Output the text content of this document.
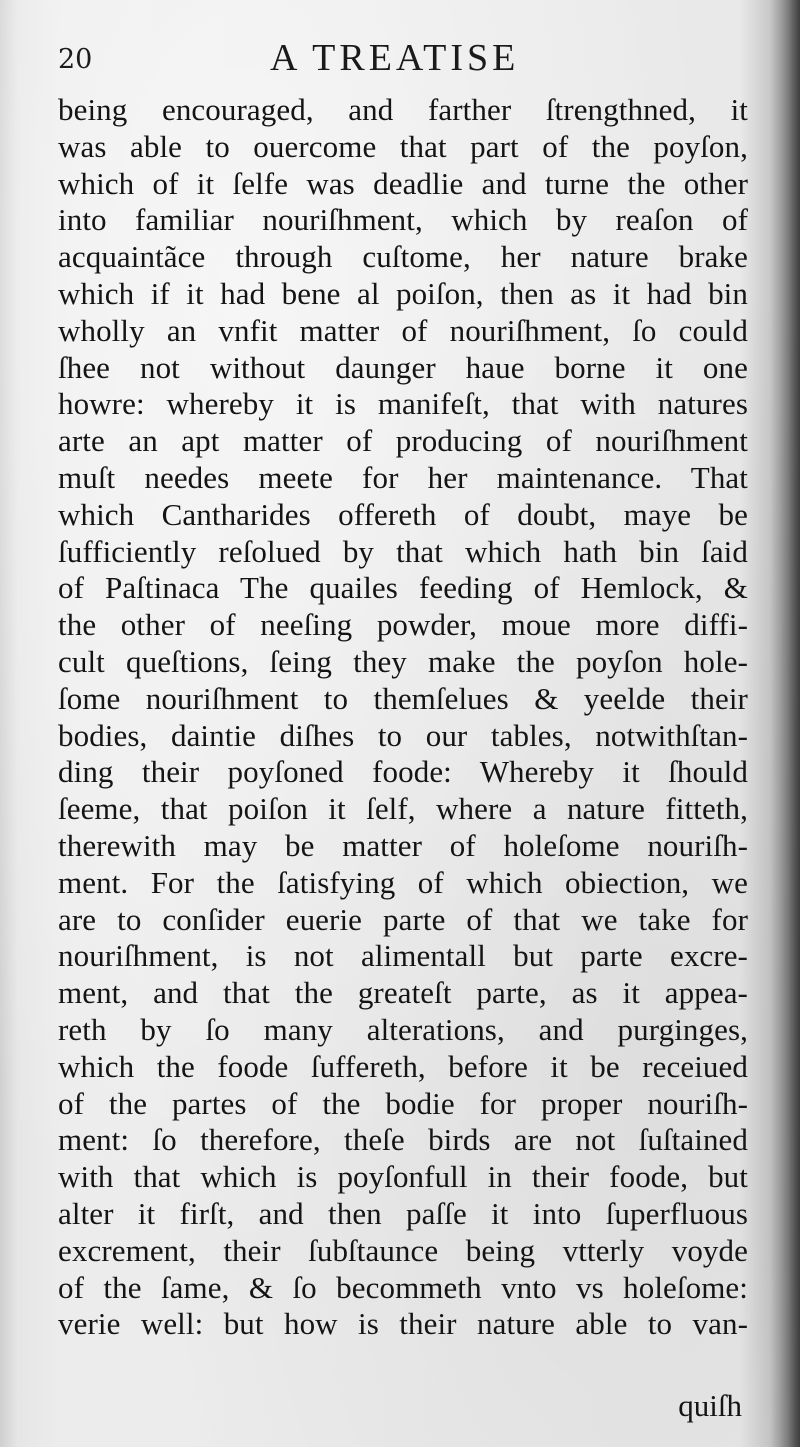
20	A TREATISE
being encouraged, and farther ſtrengthned, it
was able to ouercome that part of the poyſon,
which of it ſelfe was deadlie and turne the other
into familiar nouriſhment, which by reaſon of
acquaintãce through cuſtome, her nature brake
which if it had bene al poiſon, then as it had bin
wholly an vnfit matter of nouriſhment, ſo could
ſhee not without daunger haue borne it one
howre: whereby it is manifeſt, that with natures
arte an apt matter of producing of nouriſhment
muſt needes meete for her maintenance. That
which Cantharides offereth of doubt, maye be
ſufficiently reſolued by that which hath bin ſaid
of Paſtinaca The quailes feeding of Hemlock, &
the other of neeſing powder, moue more diffi-
cult queſtions, ſeing they make the poyſon hole-
ſome nouriſhment to themſelues & yeelde their
bodies, daintie diſhes to our tables, notwithſtan-
ding their poyſoned foode: Whereby it ſhould
ſeeme, that poiſon it ſelf, where a nature fitteth,
therewith may be matter of holeſome nouriſh-
ment. For the ſatisfying of which obiection, we
are to conſider euerie parte of that we take for
nouriſhment, is not alimentall but parte excre-
ment, and that the greateſt parte, as it appea-
reth by ſo many alterations, and purginges,
which the foode ſuffereth, before it be receiued
of the partes of the bodie for proper nouriſh-
ment: ſo therefore, theſe birds are not ſuſtained
with that which is poyſonfull in their foode, but
alter it firſt, and then paſſe it into ſuperfluous
excrement, their ſubſtaunce being vtterly voyde
of the ſame, & ſo becommeth vnto vs holeſome:
verie well: but how is their nature able to van-
quiſh
